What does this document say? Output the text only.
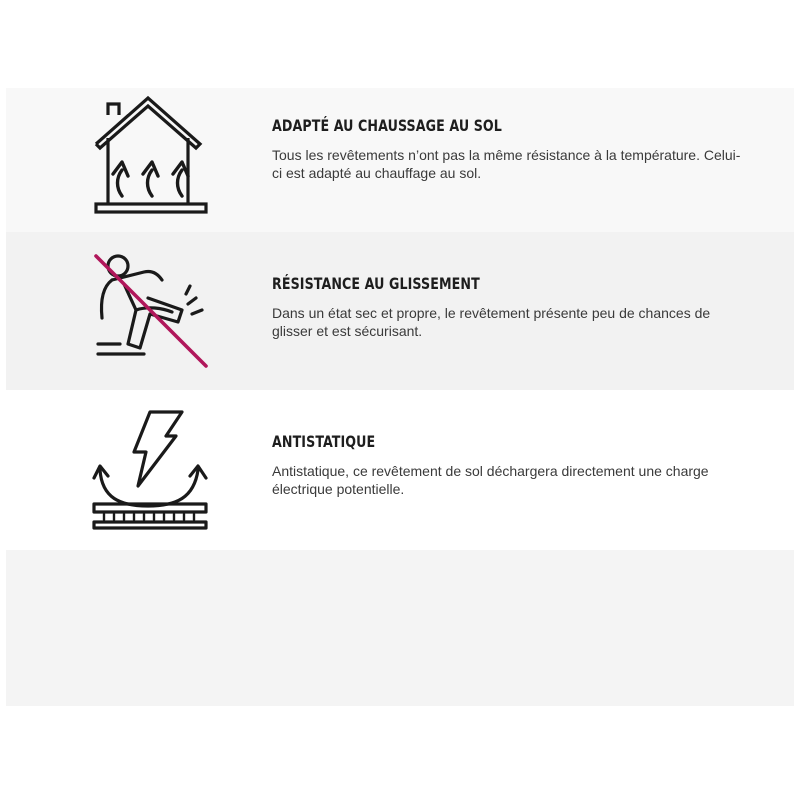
ADAPTÉ AU CHAUSSAGE AU SOL

Tous les revêtements n’ont pas la même résistance à la température. Celui-ci est adapté au chauffage au sol.

RÉSISTANCE AU GLISSEMENT

Dans un état sec et propre, le revêtement présente peu de chances de glisser et est sécurisant.

ANTISTATIQUE

Antistatique, ce revêtement de sol déchargera directement une charge électrique potentielle.
